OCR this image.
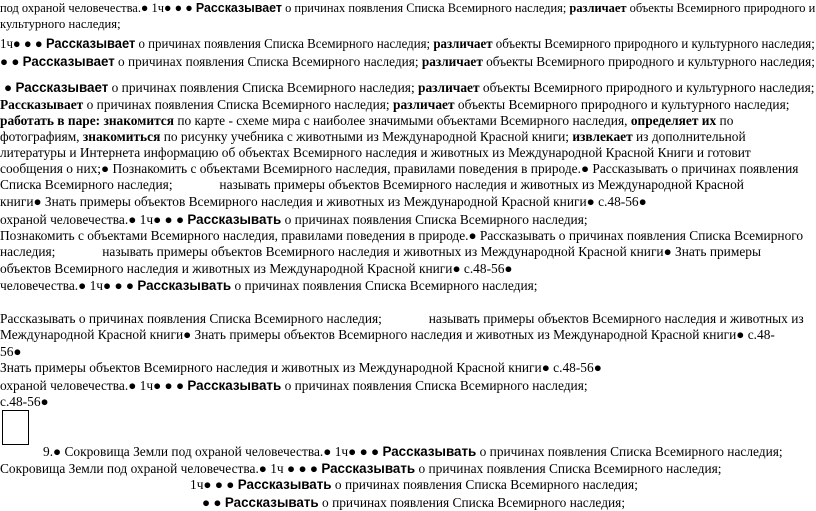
под охраной человечества.● 1ч● ● ● Рассказывает о причинах появления Списка Всемирного наследия; различает объекты Всемирного природного и
культурного наследия;
1ч● ● ● Рассказывает о причинах появления Списка Всемирного наследия; различает объекты Всемирного природного и культурного наследия;
● ● Рассказывает о причинах появления Списка Всемирного наследия; различает объекты Всемирного природного и культурного наследия;
● Рассказывает о причинах появления Списка Всемирного наследия; различает объекты Всемирного природного и культурного наследия;
Рассказывает о причинах появления Списка Всемирного наследия; различает объекты Всемирного природного и культурного наследия;
работать в паре: знакомится по карте - схеме мира с наиболее значимыми объектами Всемирного наследия, определяет их по
фотографиям, знакомиться по рисунку учебника с животными из Международной Красной книги; извлекает из дополнительной
литературы и Интернета информацию об объектах Всемирного наследия и животных из Международной Красной Книги и готовит
сообщения о них;● Познакомить с объектами Всемирного наследия, правилами поведения в природе.● Рассказывать о причинах появления
Списка Всемирного наследия;              называть примеры объектов Всемирного наследия и животных из Международной Красной
книги● Знать примеры объектов Всемирного наследия и животных из Международной Красной книги● с.48-56●
охраной человечества.● 1ч● ● ● Рассказывать о причинах появления Списка Всемирного наследия;
Познакомить с объектами Всемирного наследия, правилами поведения в природе.● Рассказывать о причинах появления Списка Всемирного
наследия;              называть примеры объектов Всемирного наследия и животных из Международной Красной книги● Знать примеры
объектов Всемирного наследия и животных из Международной Красной книги● с.48-56●
человечества.● 1ч● ● ● Рассказывать о причинах появления Списка Всемирного наследия;
Рассказывать о причинах появления Списка Всемирного наследия;              называть примеры объектов Всемирного наследия и животных из
Международной Красной книги● Знать примеры объектов Всемирного наследия и животных из Международной Красной книги● с.48-
56●
Знать примеры объектов Всемирного наследия и животных из Международной Красной книги● с.48-56●
охраной человечества.● 1ч● ● ● Рассказывать о причинах появления Списка Всемирного наследия;
с.48-56●
9.● Сокровища Земли под охраной человечества.● 1ч● ● ● Рассказывать о причинах появления Списка Всемирного наследия;
Сокровища Земли под охраной человечества.● 1ч ● ● ● Рассказывать о причинах появления Списка Всемирного наследия;
1ч● ● ● Рассказывать о причинах появления Списка Всемирного наследия;
● ● Рассказывать о причинах появления Списка Всемирного наследия;
